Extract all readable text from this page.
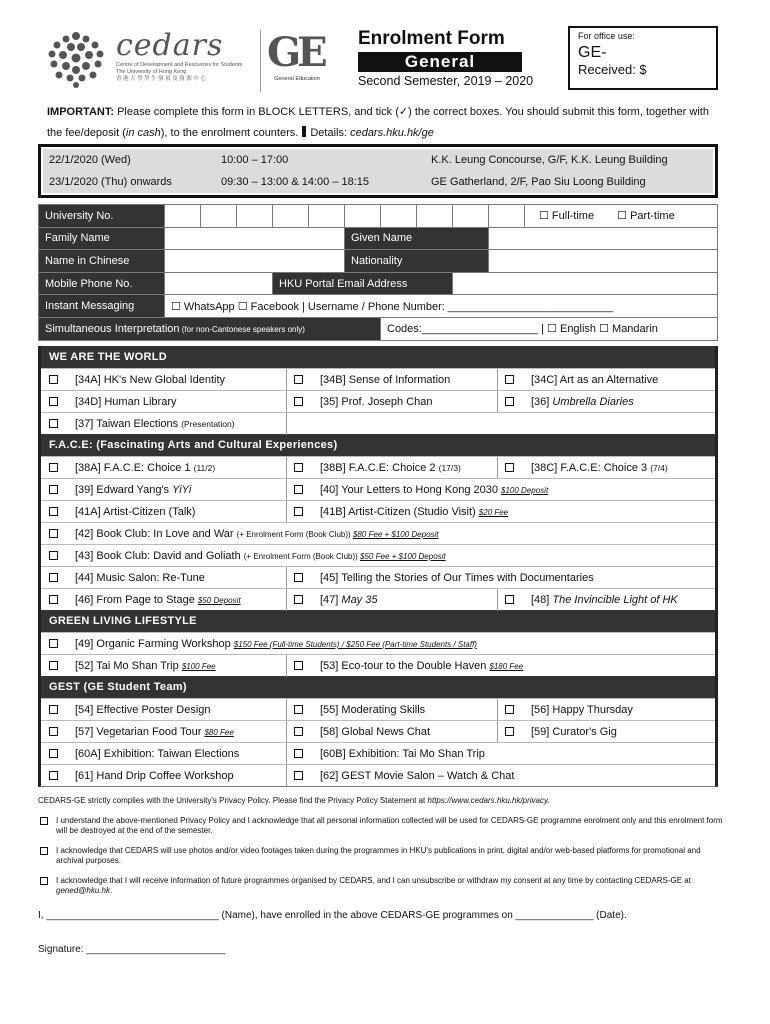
cedars
Centre of Development and Resources for Students
The University of Hong Kong
香 港 大 學 學 生 發 展 及 資 源 中 心
GE
General Education
Enrolment Form
General
Second Semester, 2019 – 2020
For office use:
GE-
Received: $
IMPORTANT: Please complete this form in BLOCK LETTERS, and tick (✓) the correct boxes. You should submit this form, together with the fee/deposit (in cash), to the enrolment counters. Details: cedars.hku.hk/ge
22/1/2020 (Wed)	10:00 – 17:00	K.K. Leung Concourse, G/F, K.K. Leung Building
23/1/2020 (Thu) onwards	09:30 – 13:00 & 14:00 – 18:15	GE Gatherland, 2/F, Pao Siu Loong Building
University No.											☐ Full-time ☐ Part-time
Family Name						Given Name					
Name in Chinese						Nationality					
Mobile Phone No.				HKU Portal Email Address							
Instant Messaging	☐ WhatsApp ☐ Facebook | Username / Phone Number: ___________________________										
Simultaneous Interpretation (for non-Cantonese speakers only)							Codes:___________________ | ☐ English ☐ Mandarin				
WE ARE THE WORLD
[34A] HK's New Global Identity	[34B] Sense of Information	[34C] Art as an Alternative
[34D] Human Library	[35] Prof. Joseph Chan	[36] Umbrella Diaries
[37] Taiwan Elections (Presentation)
F.A.C.E: (Fascinating Arts and Cultural Experiences)
[38A] F.A.C.E: Choice 1 (11/2)	[38B] F.A.C.E: Choice 2 (17/3)	[38C] F.A.C.E: Choice 3 (7/4)
[39] Edward Yang's YiYi	[40] Your Letters to Hong Kong 2030 $100 Deposit
[41A] Artist-Citizen (Talk)	[41B] Artist-Citizen (Studio Visit) $20 Fee
[42] Book Club: In Love and War (+ Enrolment Form (Book Club)) $80 Fee + $100 Deposit
[43] Book Club: David and Goliath (+ Enrolment Form (Book Club)) $50 Fee + $100 Deposit
[44] Music Salon: Re-Tune	[45] Telling the Stories of Our Times with Documentaries
[46] From Page to Stage $50 Deposit	[47] May 35	[48] The Invincible Light of HK
GREEN LIVING LIFESTYLE
[49] Organic Farming Workshop $150 Fee (Full-time Students) / $250 Fee (Part-time Students / Staff)
[52] Tai Mo Shan Trip $100 Fee	[53] Eco-tour to the Double Haven $180 Fee
GEST (GE Student Team)
[54] Effective Poster Design	[55] Moderating Skills	[56] Happy Thursday
[57] Vegetarian Food Tour $80 Fee	[58] Global News Chat	[59] Curator's Gig
[60A] Exhibition: Taiwan Elections	[60B] Exhibition: Tai Mo Shan Trip
[61] Hand Drip Coffee Workshop	[62] GEST Movie Salon – Watch & Chat
CEDARS-GE strictly complies with the University's Privacy Policy. Please find the Privacy Policy Statement at https://www.cedars.hku.hk/privacy.
I understand the above-mentioned Privacy Policy and I acknowledge that all personal information collected will be used for CEDARS-GE programme enrolment only and this enrolment form will be destroyed at the end of the semester.
I acknowledge that CEDARS will use photos and/or video footages taken during the programmes in HKU's publications in print, digital and/or web-based platforms for promotional and archival purposes.
I acknowledge that I will receive information of future programmes organised by CEDARS, and I can unsubscribe or withdraw my consent at any time by contacting CEDARS-GE at gened@hku.hk.
I, _______________________________ (Name), have enrolled in the above CEDARS-GE programmes on ______________ (Date).
Signature: _________________________
